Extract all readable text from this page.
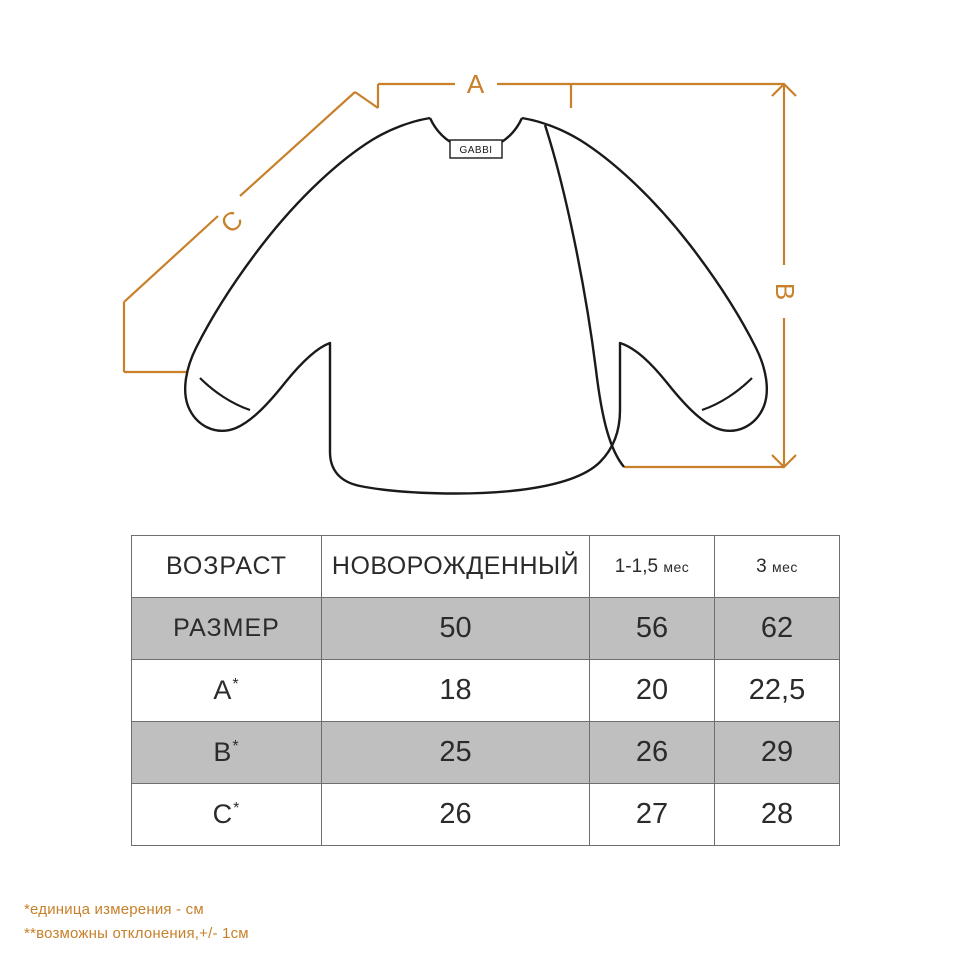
A
B
C
GABBI
ВОЗРАСТ	НОВОРОЖДЕННЫЙ	1-1,5 мес	3 мес
РАЗМЕР	50	56	62
A*	18	20	22,5
B*	25	26	29
C*	26	27	28
*единица измерения - см
**возможны отклонения,+/- 1см
